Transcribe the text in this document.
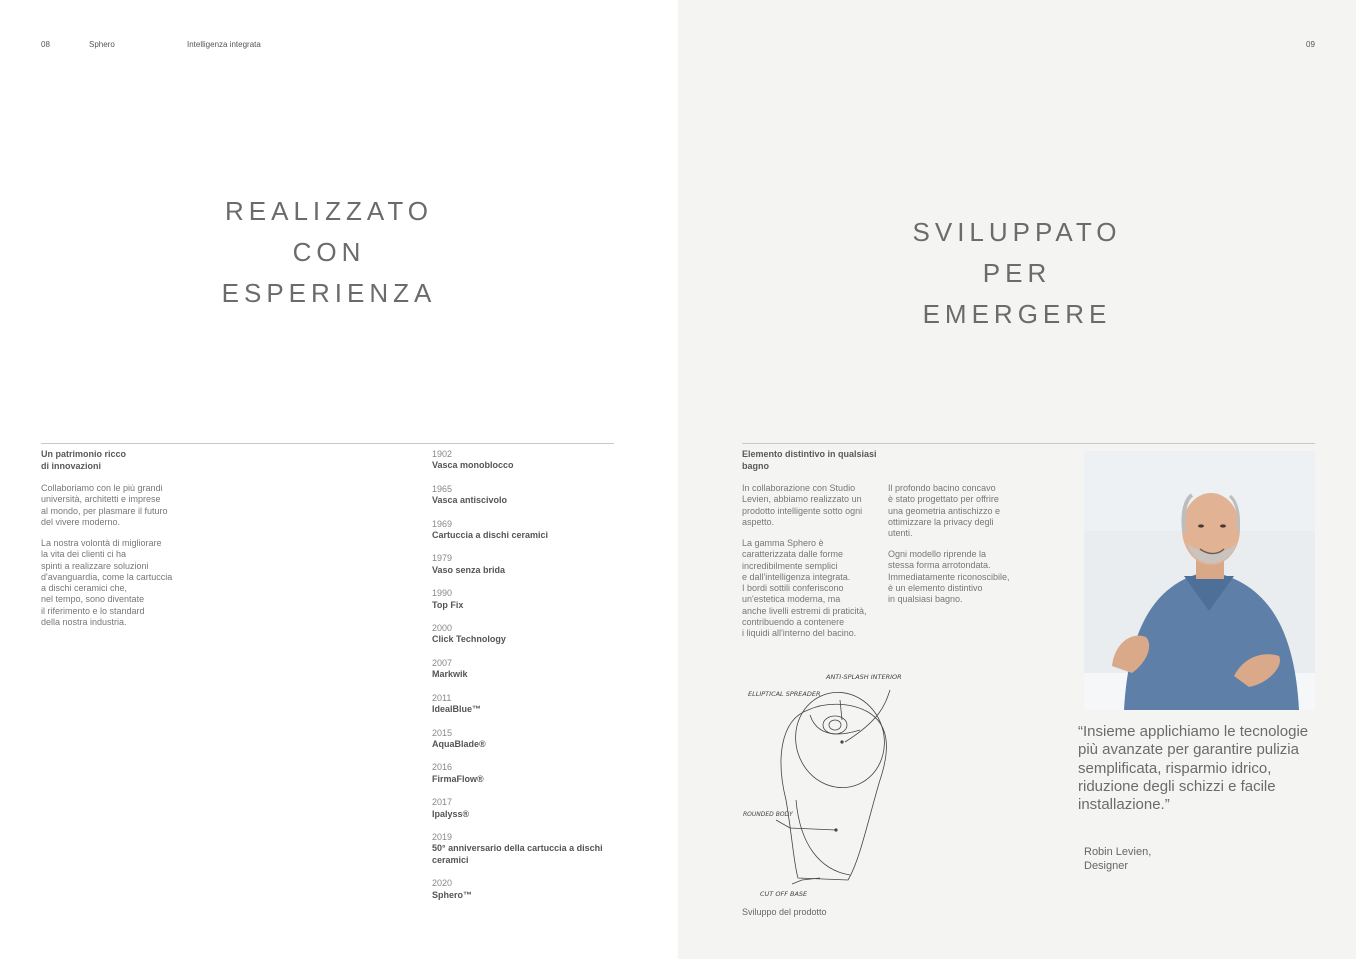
08	Sphero	Intelligenza integrata
REALIZZATO
CON
ESPERIENZA
Un patrimonio ricco
di innovazioni
Collaboriamo con le più grandi
università, architetti e imprese
al mondo, per plasmare il futuro
del vivere moderno.
La nostra volontà di migliorare
la vita dei clienti ci ha
spinti a realizzare soluzioni
d'avanguardia, come la cartuccia
a dischi ceramici che,
nel tempo, sono diventate
il riferimento e lo standard
della nostra industria.
1902
Vasca monoblocco
1965
Vasca antiscivolo
1969
Cartuccia a dischi ceramici
1979
Vaso senza brida
1990
Top Fix
2000
Click Technology
2007
Markwik
2011
IdealBlue™
2015
AquaBlade®
2016
FirmaFlow®
2017
Ipalyss®
2019
50° anniversario della cartuccia a dischi ceramici
2020
Sphero™
09
SVILUPPATO
PER
EMERGERE
Elemento distintivo in qualsiasi
bagno
In collaborazione con Studio
Levien, abbiamo realizzato un
prodotto intelligente sotto ogni
aspetto.
La gamma Sphero è
caratterizzata dalle forme
incredibilmente semplici
e dall'intelligenza integrata.
I bordi sottili conferiscono
un'estetica moderna, ma
anche livelli estremi di praticità,
contribuendo a contenere
i liquidi all'interno del bacino.
Il profondo bacino concavo
è stato progettato per offrire
una geometria antischizzo e
ottimizzare la privacy degli
utenti.
Ogni modello riprende la
stessa forma arrotondata.
Immediatamente riconoscibile,
è un elemento distintivo
in qualsiasi bagno.
ANTI-SPLASH INTERIOR
ELLIPTICAL SPREADER
ROUNDED BODY
CUT OFF BASE
Sviluppo del prodotto
“Insieme applichiamo le tecnologie più avanzate per garantire pulizia semplificata, risparmio idrico, riduzione degli schizzi e facile installazione.”
Robin Levien,
Designer
